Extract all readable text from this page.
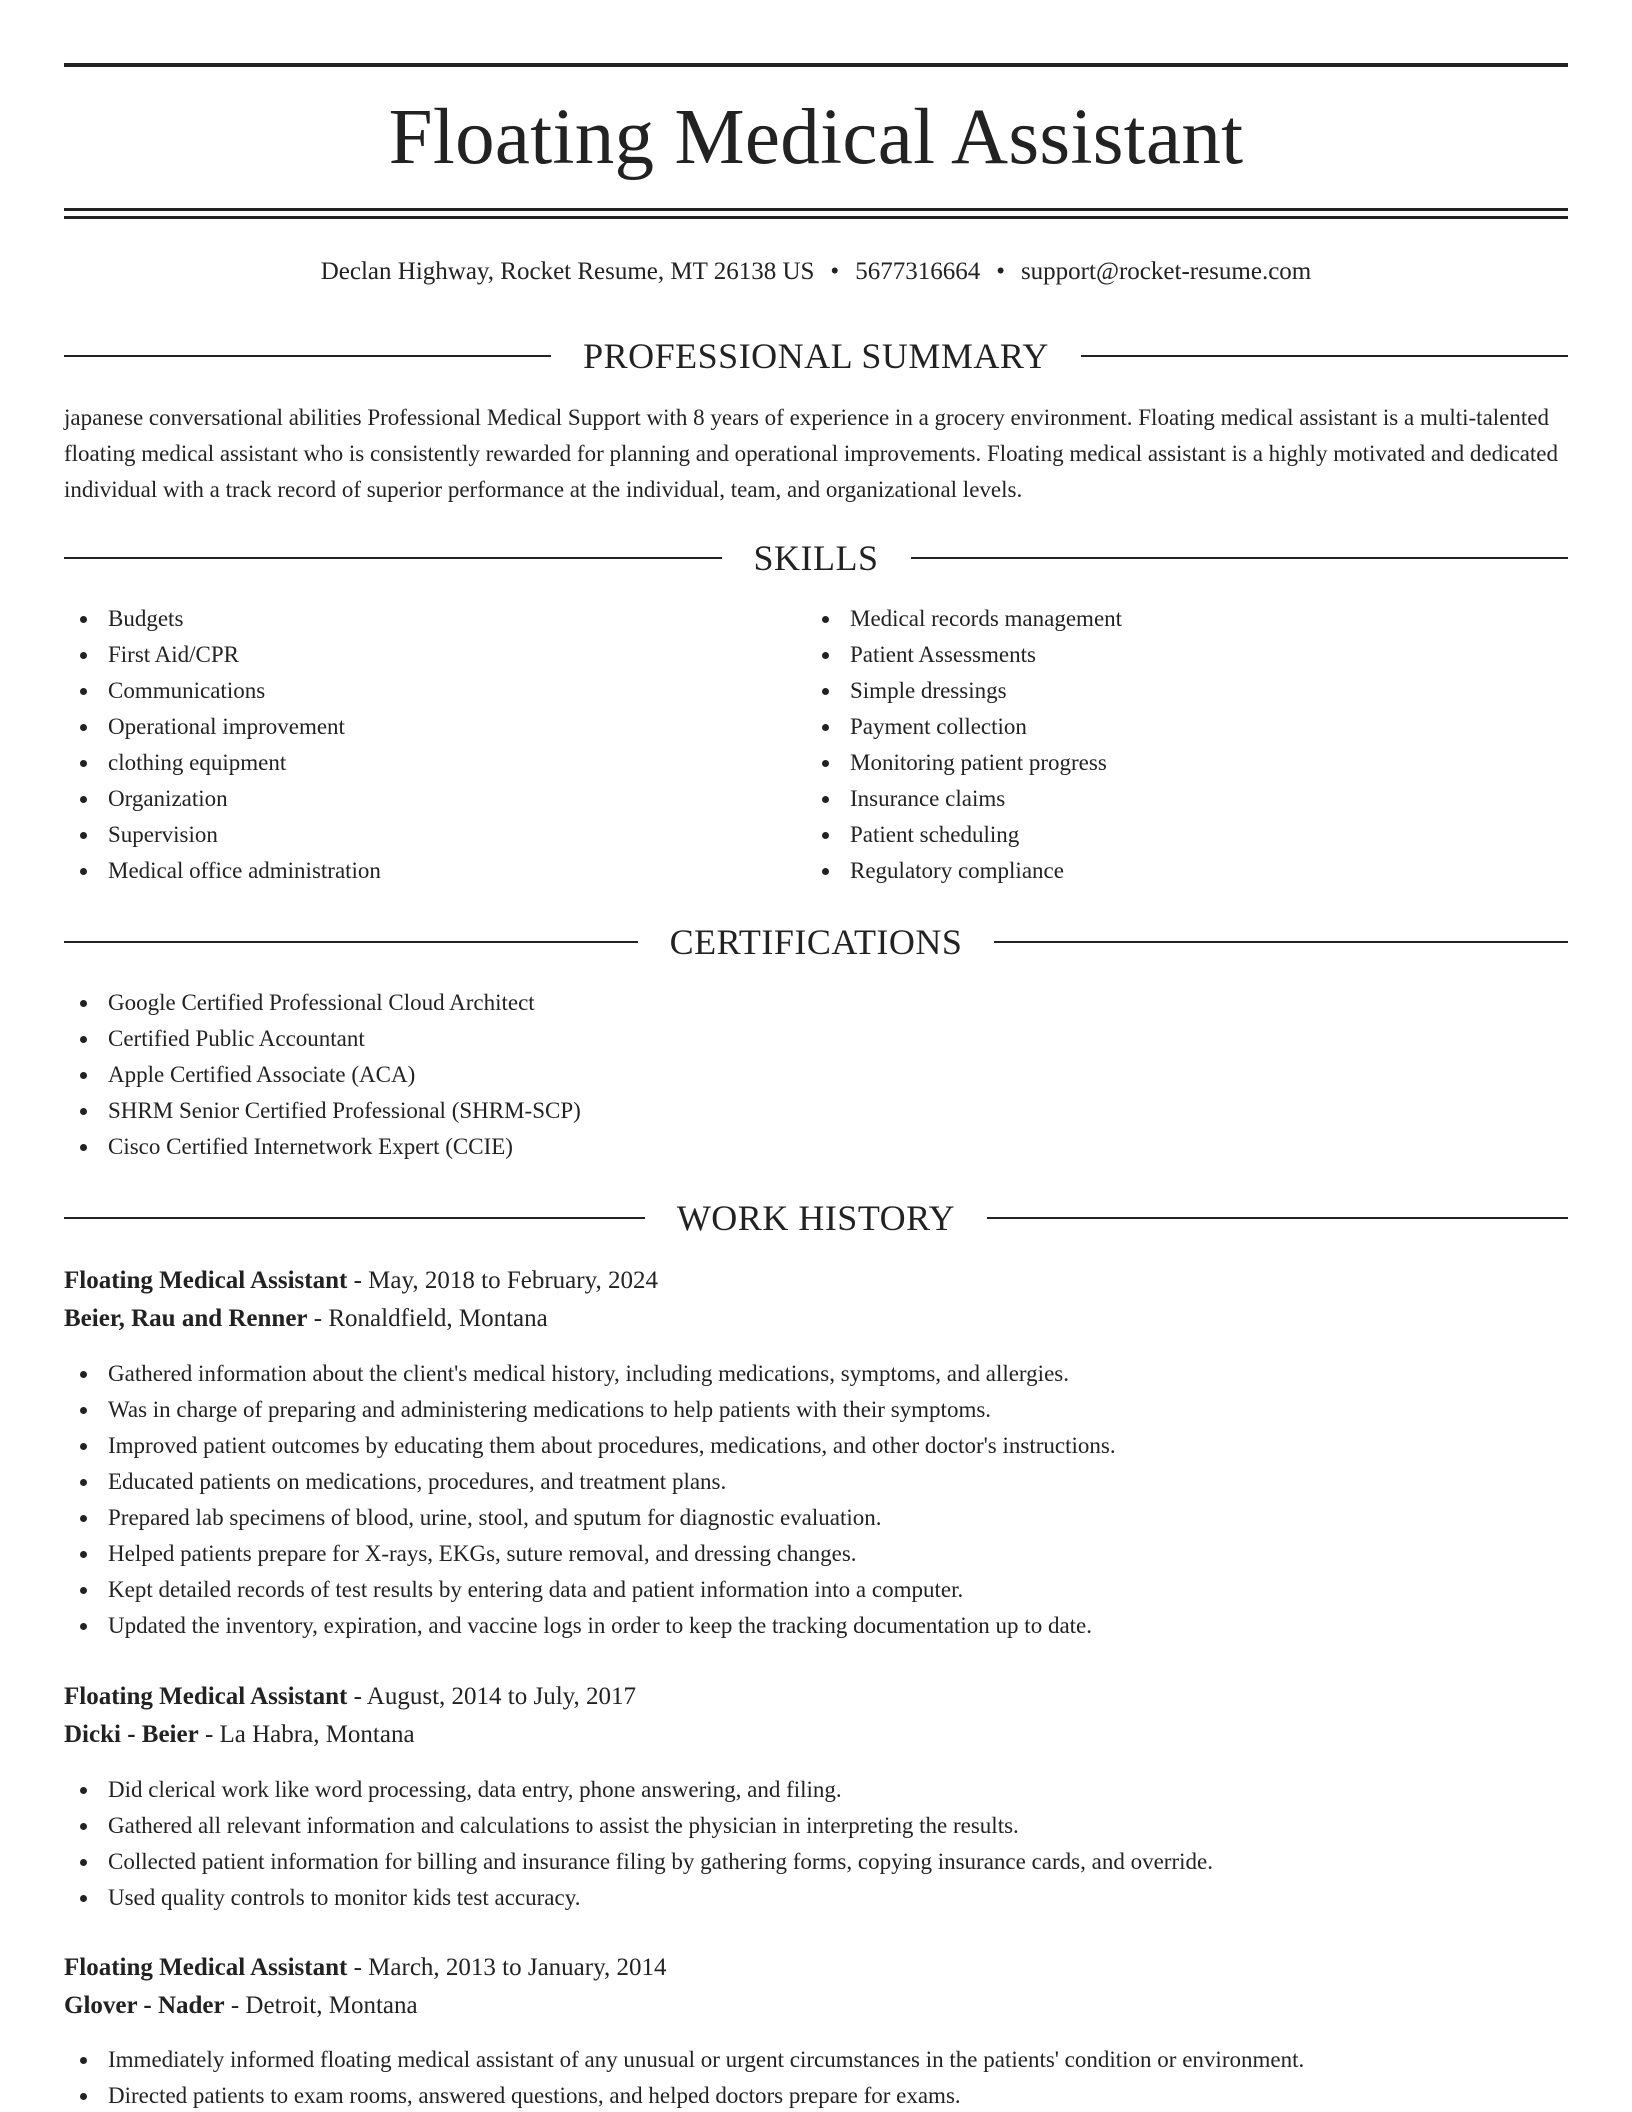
Floating Medical Assistant
Declan Highway, Rocket Resume, MT 26138 US • 5677316664 • support@rocket-resume.com
PROFESSIONAL SUMMARY

japanese conversational abilities Professional Medical Support with 8 years of experience in a grocery environment. Floating medical assistant is a multi-talented floating medical assistant who is consistently rewarded for planning and operational improvements. Floating medical assistant is a highly motivated and dedicated individual with a track record of superior performance at the individual, team, and organizational levels.

SKILLS
Budgets
First Aid/CPR
Communications
Operational improvement
clothing equipment
Organization
Supervision
Medical office administration
Medical records management
Patient Assessments
Simple dressings
Payment collection
Monitoring patient progress
Insurance claims
Patient scheduling
Regulatory compliance
CERTIFICATIONS
Google Certified Professional Cloud Architect
Certified Public Accountant
Apple Certified Associate (ACA)
SHRM Senior Certified Professional (SHRM-SCP)
Cisco Certified Internetwork Expert (CCIE)
WORK HISTORY
Floating Medical Assistant - May, 2018 to February, 2024
Beier, Rau and Renner - Ronaldfield, Montana
Gathered information about the client's medical history, including medications, symptoms, and allergies.
Was in charge of preparing and administering medications to help patients with their symptoms.
Improved patient outcomes by educating them about procedures, medications, and other doctor's instructions.
Educated patients on medications, procedures, and treatment plans.
Prepared lab specimens of blood, urine, stool, and sputum for diagnostic evaluation.
Helped patients prepare for X-rays, EKGs, suture removal, and dressing changes.
Kept detailed records of test results by entering data and patient information into a computer.
Updated the inventory, expiration, and vaccine logs in order to keep the tracking documentation up to date.
Floating Medical Assistant - August, 2014 to July, 2017
Dicki - Beier - La Habra, Montana
Did clerical work like word processing, data entry, phone answering, and filing.
Gathered all relevant information and calculations to assist the physician in interpreting the results.
Collected patient information for billing and insurance filing by gathering forms, copying insurance cards, and override.
Used quality controls to monitor kids test accuracy.
Floating Medical Assistant - March, 2013 to January, 2014
Glover - Nader - Detroit, Montana
Immediately informed floating medical assistant of any unusual or urgent circumstances in the patients' condition or environment.
Directed patients to exam rooms, answered questions, and helped doctors prepare for exams.
